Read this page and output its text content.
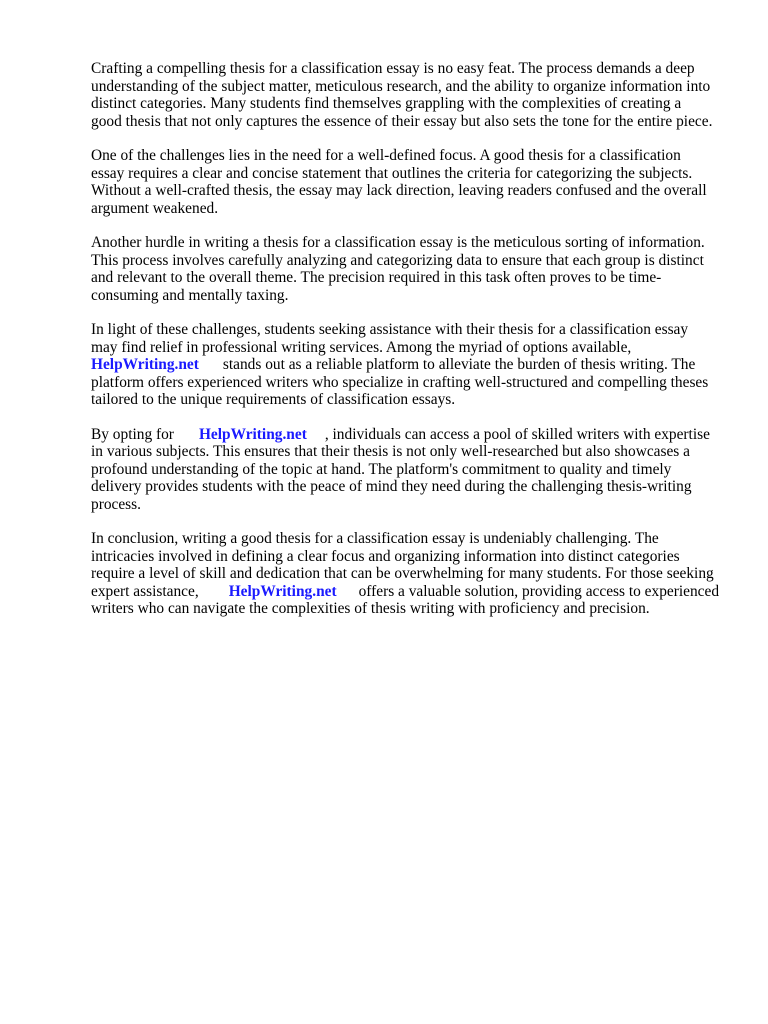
Crafting a compelling thesis for a classification essay is no easy feat. The process demands a deep
understanding of the subject matter, meticulous research, and the ability to organize information into
distinct categories. Many students find themselves grappling with the complexities of creating a
good thesis that not only captures the essence of their essay but also sets the tone for the entire piece.

One of the challenges lies in the need for a well-defined focus. A good thesis for a classification
essay requires a clear and concise statement that outlines the criteria for categorizing the subjects.
Without a well-crafted thesis, the essay may lack direction, leaving readers confused and the overall
argument weakened.

Another hurdle in writing a thesis for a classification essay is the meticulous sorting of information.
This process involves carefully analyzing and categorizing data to ensure that each group is distinct
and relevant to the overall theme. The precision required in this task often proves to be time-
consuming and mentally taxing.

In light of these challenges, students seeking assistance with their thesis for a classification essay
may find relief in professional writing services. Among the myriad of options available,
HelpWriting.net stands out as a reliable platform to alleviate the burden of thesis writing. The
platform offers experienced writers who specialize in crafting well-structured and compelling theses
tailored to the unique requirements of classification essays.

By opting for HelpWriting.net , individuals can access a pool of skilled writers with expertise
in various subjects. This ensures that their thesis is not only well-researched but also showcases a
profound understanding of the topic at hand. The platform's commitment to quality and timely
delivery provides students with the peace of mind they need during the challenging thesis-writing
process.

In conclusion, writing a good thesis for a classification essay is undeniably challenging. The
intricacies involved in defining a clear focus and organizing information into distinct categories
require a level of skill and dedication that can be overwhelming for many students. For those seeking
expert assistance, HelpWriting.net offers a valuable solution, providing access to experienced
writers who can navigate the complexities of thesis writing with proficiency and precision.
